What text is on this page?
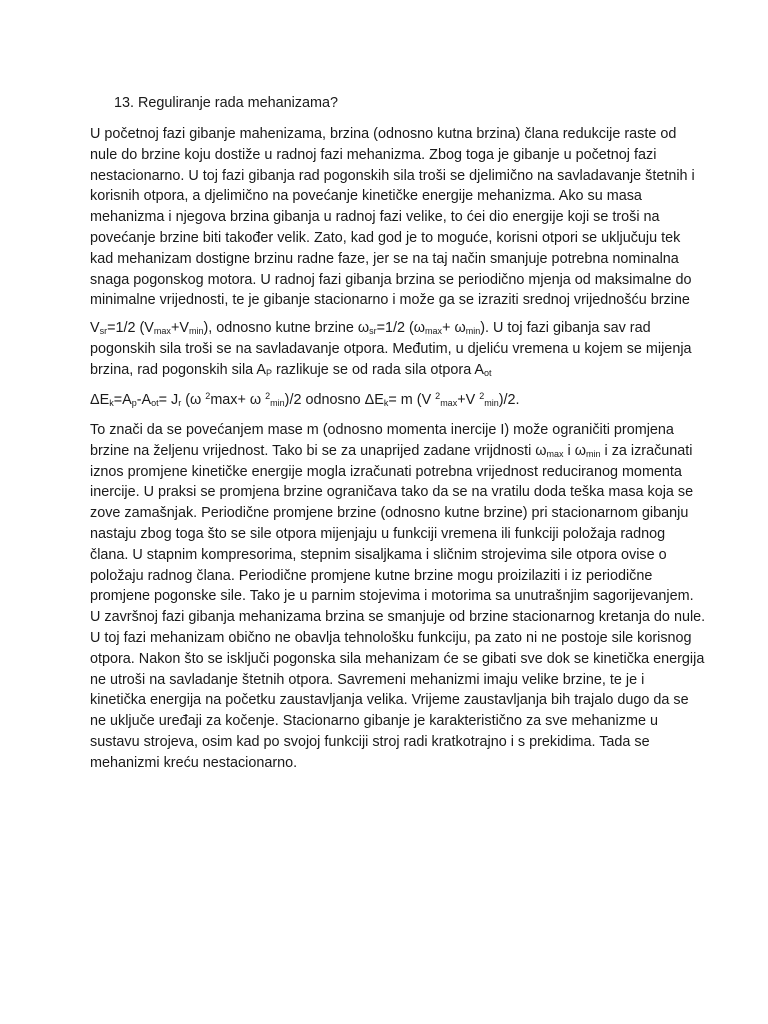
13. Reguliranje rada mehanizama?
U početnoj fazi gibanje mahenizama, brzina (odnosno kutna brzina) člana redukcije raste od
nule do brzine koju dostiže u radnoj fazi mehanizma. Zbog toga je gibanje u početnoj fazi
nestacionarno. U toj fazi gibanja rad pogonskih sila troši se djelimično na savladavanje štetnih i
korisnih otpora, a djelimično na povećanje kinetičke energije mehanizma. Ako su masa
mehanizma i njegova brzina gibanja u radnoj fazi velike, to ćei dio energije koji se troši na
povećanje brzine biti također velik. Zato, kad god je to moguće, korisni otpori se uključuju tek
kad mehanizam dostigne brzinu radne faze, jer se na taj način smanjuje potrebna nominalna
snaga pogonskog motora. U radnoj fazi gibanja brzina se periodično mjenja od maksimalne do
minimalne vrijednosti, te je gibanje stacionarno i može ga se izraziti srednoj vrijednošću brzine
$V_{sr}=1/2$ $(V_{max}+V_{min})$, odnosno kutne brzine $\omega_{sr}=1/2$ $(\omega_{max}+ \omega_{min})$. U toj fazi gibanja sav rad
pogonskih sila troši se na savladavanje otpora. Međutim, u djeliću vremena u kojem se mijenja
brzina, rad pogonskih sila $A_P$ razlikuje se od rada sila otpora $A_{ot}$
$\Delta E_k=A_p-A_{ot}= J_r$ (ω $^2$max+ ω $^2_{min}$)/2 odnosno $\Delta E_k= m$ (V $^2_{max}$+V $^2_{min}$)/2.
To znači da se povećanjem mase m (odnosno momenta inercije I) može ograničiti promjena
brzine na željenu vrijednost. Tako bi se za unaprijed zadane vrijdnosti $\omega_{max}$ i $\omega_{min}$ i za izračunati
iznos promjene kinetičke energije mogla izračunati potrebna vrijednost reduciranog momenta
inercije. U praksi se promjena brzine ograničava tako da se na vratilu doda teška masa koja se
zove zamašnjak. Periodične promjene brzine (odnosno kutne brzine) pri stacionarnom gibanju
nastaju zbog toga što se sile otpora mijenjaju u funkciji vremena ili funkciji položaja radnog
člana. U stapnim kompresorima, stepnim sisaljkama i sličnim strojevima sile otpora ovise o
položaju radnog člana. Periodične promjene kutne brzine mogu proizilaziti i iz periodične
promjene pogonske sile. Tako je u parnim stojevima i motorima sa unutrašnjim sagorijevanjem.
U završnoj fazi gibanja mehanizama brzina se smanjuje od brzine stacionarnog kretanja do nule.
U toj fazi mehanizam obično ne obavlja tehnološku funkciju, pa zato ni ne postoje sile korisnog
otpora. Nakon što se isključi pogonska sila mehanizam će se gibati sve dok se kinetička energija
ne utroši na savladanje štetnih otpora. Savremeni mehanizmi imaju velike brzine, te je i
kinetička energija na početku zaustavljanja velika. Vrijeme zaustavljanja bih trajalo dugo da se
ne uključe uređaji za kočenje. Stacionarno gibanje je karakteristično za sve mehanizme u
sustavu strojeva, osim kad po svojoj funkciji stroj radi kratkotrajno i s prekidima. Tada se
mehanizmi kreću nestacionarno.
